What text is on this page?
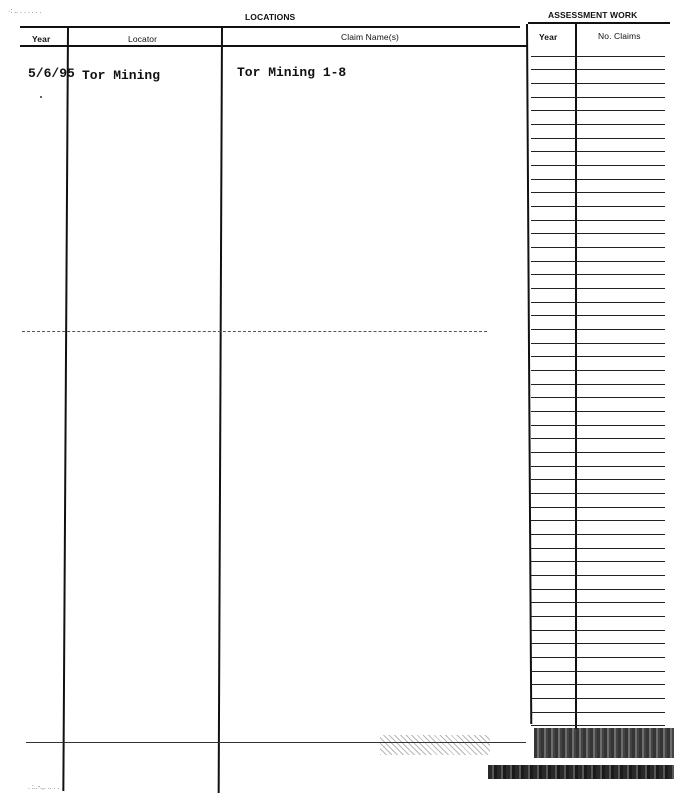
·: .. . . . . . .
LOCATIONS	ASSESSMENT WORK
Year	Locator	Claim Name(s)	Year	No. Claims
5/6/95 Tor Mining	Tor Mining 1-8
. :..-.,. .. . . .
